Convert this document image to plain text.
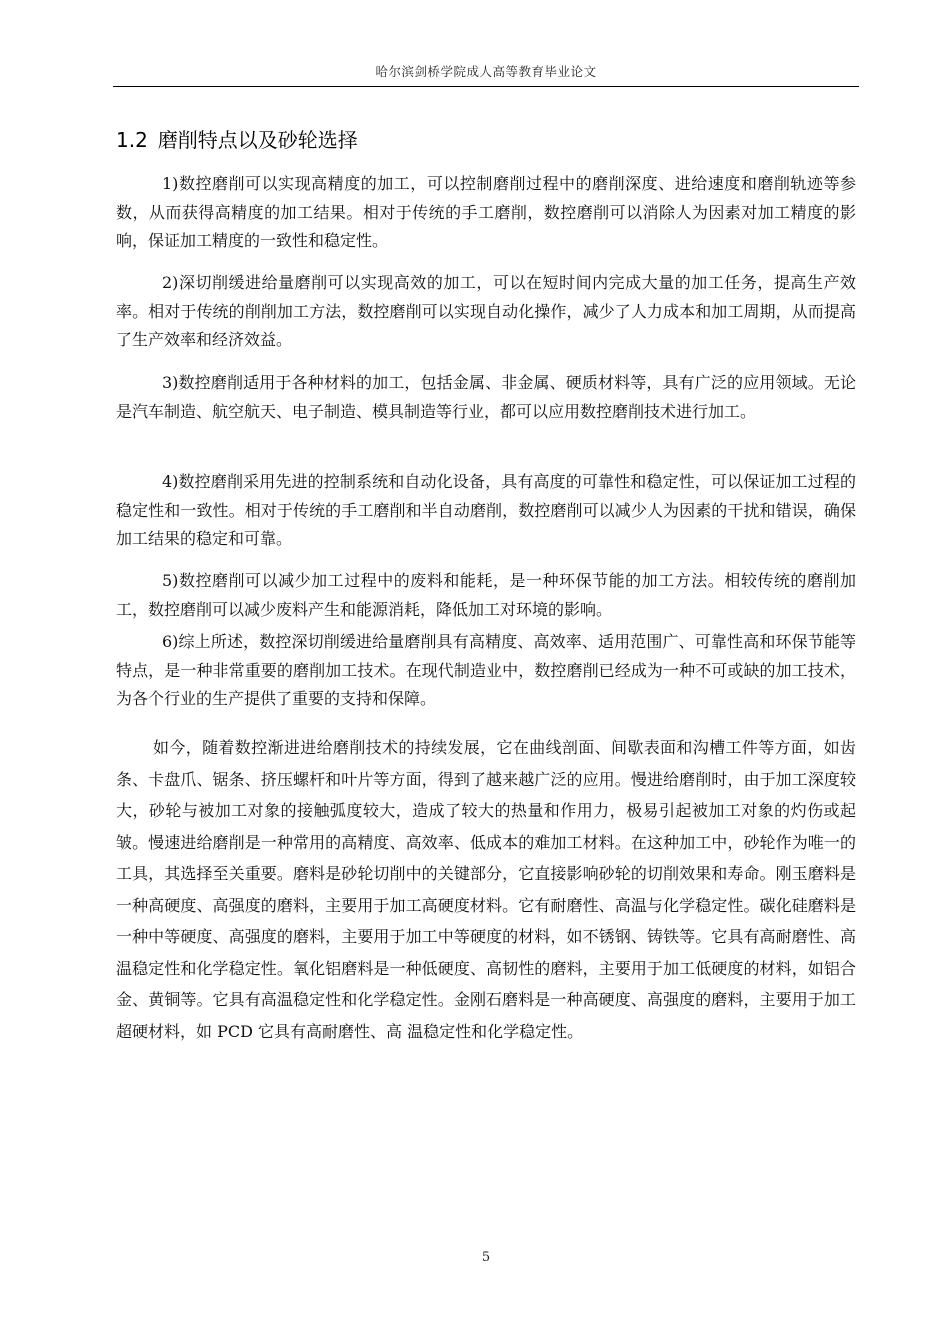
哈尔滨剑桥学院成人高等教育毕业论文
1.2 磨削特点以及砂轮选择

1)数控磨削可以实现高精度的加工，可以控制磨削过程中的磨削深度、进给速度和磨削轨迹等参数，从而获得高精度的加工结果。相对于传统的手工磨削，数控磨削可以消除人为因素对加工精度的影响，保证加工精度的一致性和稳定性。

2)深切削缓进给量磨削可以实现高效的加工，可以在短时间内完成大量的加工任务，提高生产效率。相对于传统的削削加工方法，数控磨削可以实现自动化操作，减少了人力成本和加工周期，从而提高了生产效率和经济效益。

3)数控磨削适用于各种材料的加工，包括金属、非金属、硬质材料等，具有广泛的应用领域。无论是汽车制造、航空航天、电子制造、模具制造等行业，都可以应用数控磨削技术进行加工。

4)数控磨削采用先进的控制系统和自动化设备，具有高度的可靠性和稳定性，可以保证加工过程的稳定性和一致性。相对于传统的手工磨削和半自动磨削，数控磨削可以减少人为因素的干扰和错误，确保加工结果的稳定和可靠。

5)数控磨削可以减少加工过程中的废料和能耗，是一种环保节能的加工方法。相较传统的磨削加工，数控磨削可以减少废料产生和能源消耗，降低加工对环境的影响。

6)综上所述，数控深切削缓进给量磨削具有高精度、高效率、适用范围广、可靠性高和环保节能等特点，是一种非常重要的磨削加工技术。在现代制造业中，数控磨削已经成为一种不可或缺的加工技术，为各个行业的生产提供了重要的支持和保障。

如今，随着数控渐进进给磨削技术的持续发展，它在曲线剖面、间歇表面和沟槽工件等方面，如齿条、卡盘爪、锯条、挤压螺杆和叶片等方面，得到了越来越广泛的应用。慢进给磨削时，由于加工深度较大，砂轮与被加工对象的接触弧度较大，造成了较大的热量和作用力，极易引起被加工对象的灼伤或起皱。慢速进给磨削是一种常用的高精度、高效率、低成本的难加工材料。在这种加工中，砂轮作为唯一的工具，其选择至关重要。磨料是砂轮切削中的关键部分，它直接影响砂轮的切削效果和寿命。刚玉磨料是一种高硬度、高强度的磨料，主要用于加工高硬度材料。它有耐磨性、高温与化学稳定性。碳化硅磨料是一种中等硬度、高强度的磨料，主要用于加工中等硬度的材料，如不锈钢、铸铁等。它具有高耐磨性、高温稳定性和化学稳定性。氧化铝磨料是一种低硬度、高韧性的磨料，主要用于加工低硬度的材料，如铝合金、黄铜等。它具有高温稳定性和化学稳定性。金刚石磨料是一种高硬度、高强度的磨料，主要用于加工超硬材料，如 PCD 它具有高耐磨性、高 温稳定性和化学稳定性。

5
